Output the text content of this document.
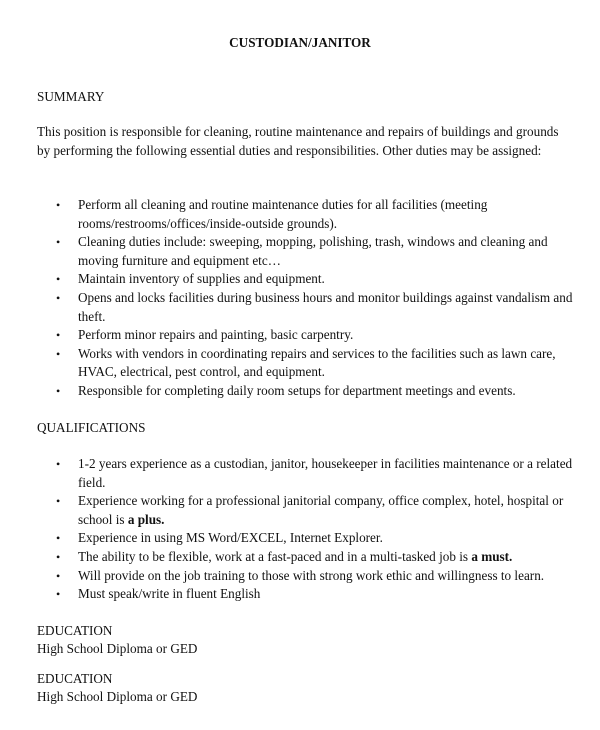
CUSTODIAN/JANITOR
SUMMARY
This position is responsible for cleaning, routine maintenance and repairs of buildings and grounds by performing the following essential duties and responsibilities. Other duties may be assigned:
• Perform all cleaning and routine maintenance duties for all facilities (meeting rooms/restrooms/offices/inside-outside grounds).
• Cleaning duties include: sweeping, mopping, polishing, trash, windows and cleaning and moving furniture and equipment etc…
• Maintain inventory of supplies and equipment.
• Opens and locks facilities during business hours and monitor buildings against vandalism and theft.
• Perform minor repairs and painting, basic carpentry.
• Works with vendors in coordinating repairs and services to the facilities such as lawn care, HVAC, electrical, pest control, and equipment.
• Responsible for completing daily room setups for department meetings and events.
QUALIFICATIONS
• 1-2 years experience as a custodian, janitor, housekeeper in facilities maintenance or a related field.
• Experience working for a professional janitorial company, office complex, hotel, hospital or school is a plus.
• Experience in using MS Word/EXCEL, Internet Explorer.
• The ability to be flexible, work at a fast-paced and in a multi-tasked job is a must.
• Will provide on the job training to those with strong work ethic and willingness to learn.
• Must speak/write in fluent English
EDUCATION
High School Diploma or GED
EDUCATION
High School Diploma or GED
